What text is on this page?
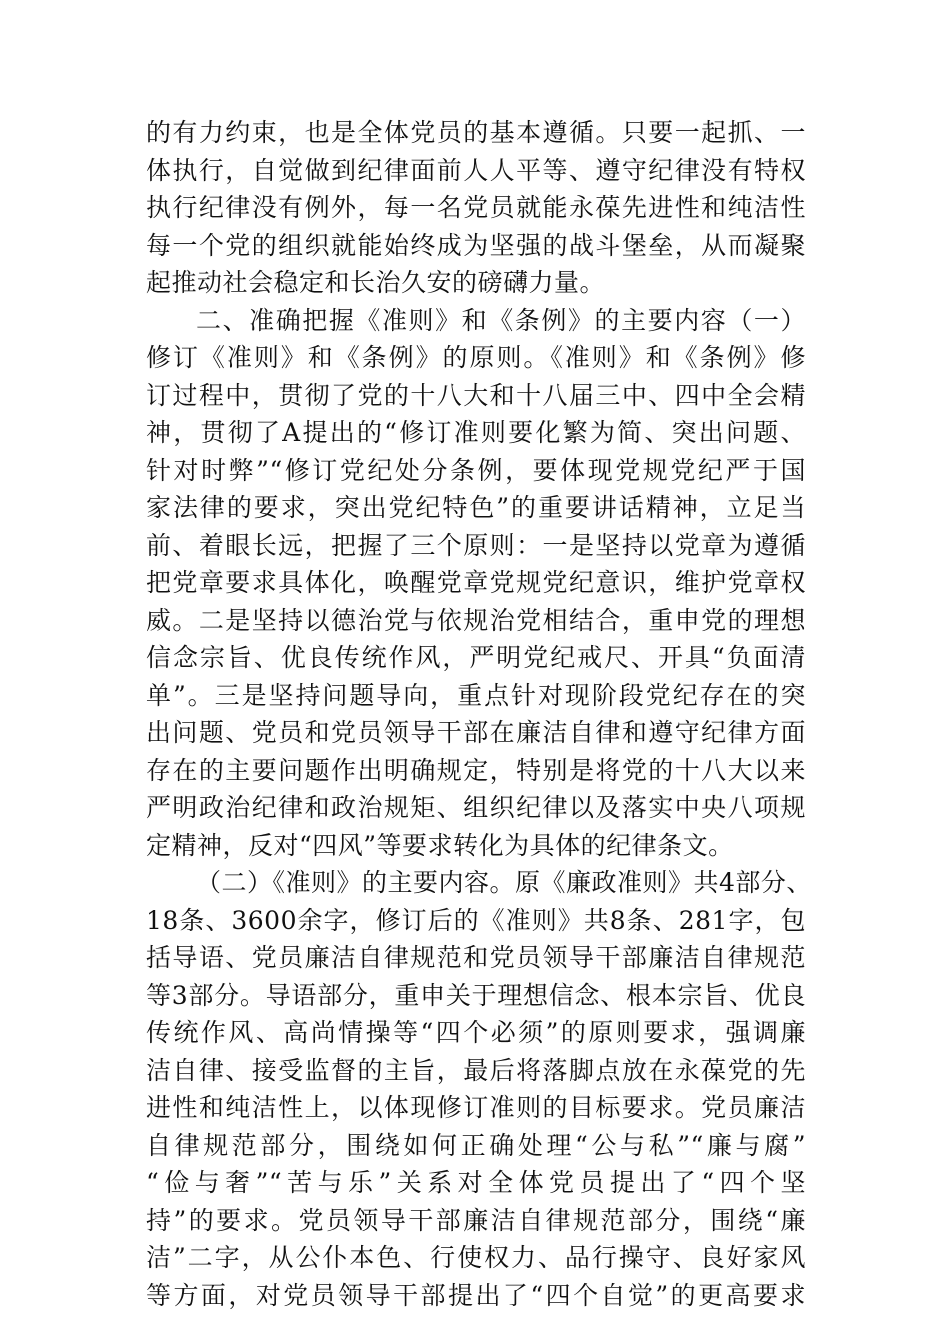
的有力约束，也是全体党员的基本遵循。只要一起抓、一
体执行，自觉做到纪律面前人人平等、遵守纪律没有特权
执行纪律没有例外，每一名党员就能永葆先进性和纯洁性
每一个党的组织就能始终成为坚强的战斗堡垒，从而凝聚
起推动社会稳定和长治久安的磅礴力量。
二、准确把握《准则》和《条例》的主要内容（一）
修订《准则》和《条例》的原则。《准则》和《条例》修
订过程中，贯彻了党的十八大和十八届三中、四中全会精
神，贯彻了A提出的“修订准则要化繁为简、突出问题、
针对时弊”“修订党纪处分条例，要体现党规党纪严于国
家法律的要求，突出党纪特色”的重要讲话精神，立足当
前、着眼长远，把握了三个原则：一是坚持以党章为遵循
把党章要求具体化，唤醒党章党规党纪意识，维护党章权
威。二是坚持以德治党与依规治党相结合，重申党的理想
信念宗旨、优良传统作风，严明党纪戒尺、开具“负面清
单”。三是坚持问题导向，重点针对现阶段党纪存在的突
出问题、党员和党员领导干部在廉洁自律和遵守纪律方面
存在的主要问题作出明确规定，特别是将党的十八大以来
严明政治纪律和政治规矩、组织纪律以及落实中央八项规
定精神，反对“四风”等要求转化为具体的纪律条文。
（二）《准则》的主要内容。原《廉政准则》共4部分、
18条、3600余字，修订后的《准则》共8条、281字，包
括导语、党员廉洁自律规范和党员领导干部廉洁自律规范
等3部分。导语部分，重申关于理想信念、根本宗旨、优良
传统作风、高尚情操等“四个必须”的原则要求，强调廉
洁自律、接受监督的主旨，最后将落脚点放在永葆党的先
进性和纯洁性上，以体现修订准则的目标要求。党员廉洁
自律规范部分，围绕如何正确处理“公与私”“廉与腐”
“俭与奢”“苦与乐”关系对全体党员提出了“四个坚
持”的要求。党员领导干部廉洁自律规范部分，围绕“廉
洁”二字，从公仆本色、行使权力、品行操守、良好家风
等方面，对党员领导干部提出了“四个自觉”的更高要求
